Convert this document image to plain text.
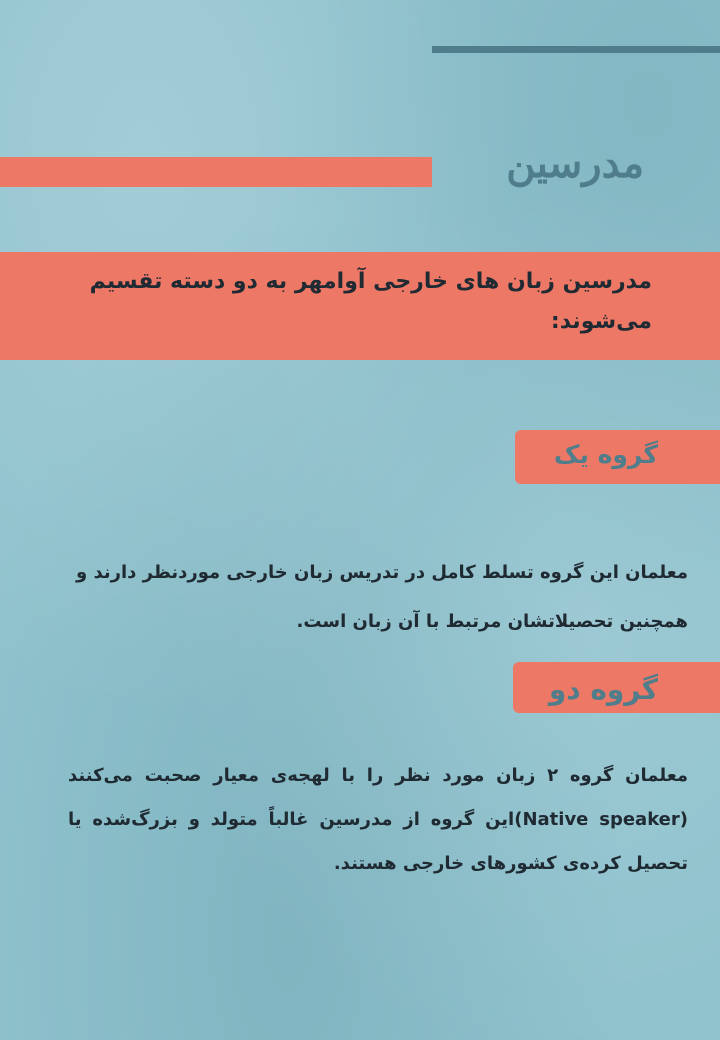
مدرسین
مدرسین زبان های خارجی آوامهر به دو دسته تقسیم می‌شوند:
گروه یک
معلمان این گروه تسلط کامل در تدریس زبان خارجی موردنظر دارند و همچنین تحصیلاتشان مرتبط با آن زبان است.
گروه دو
معلمان گروه ۲ زبان مورد نظر را با لهجه‌ی معیار صحبت می‌کنند (Native speaker)این گروه از مدرسین غالباً متولد و بزرگ‌شده یا تحصیل کرده‌ی کشورهای خارجی هستند.
